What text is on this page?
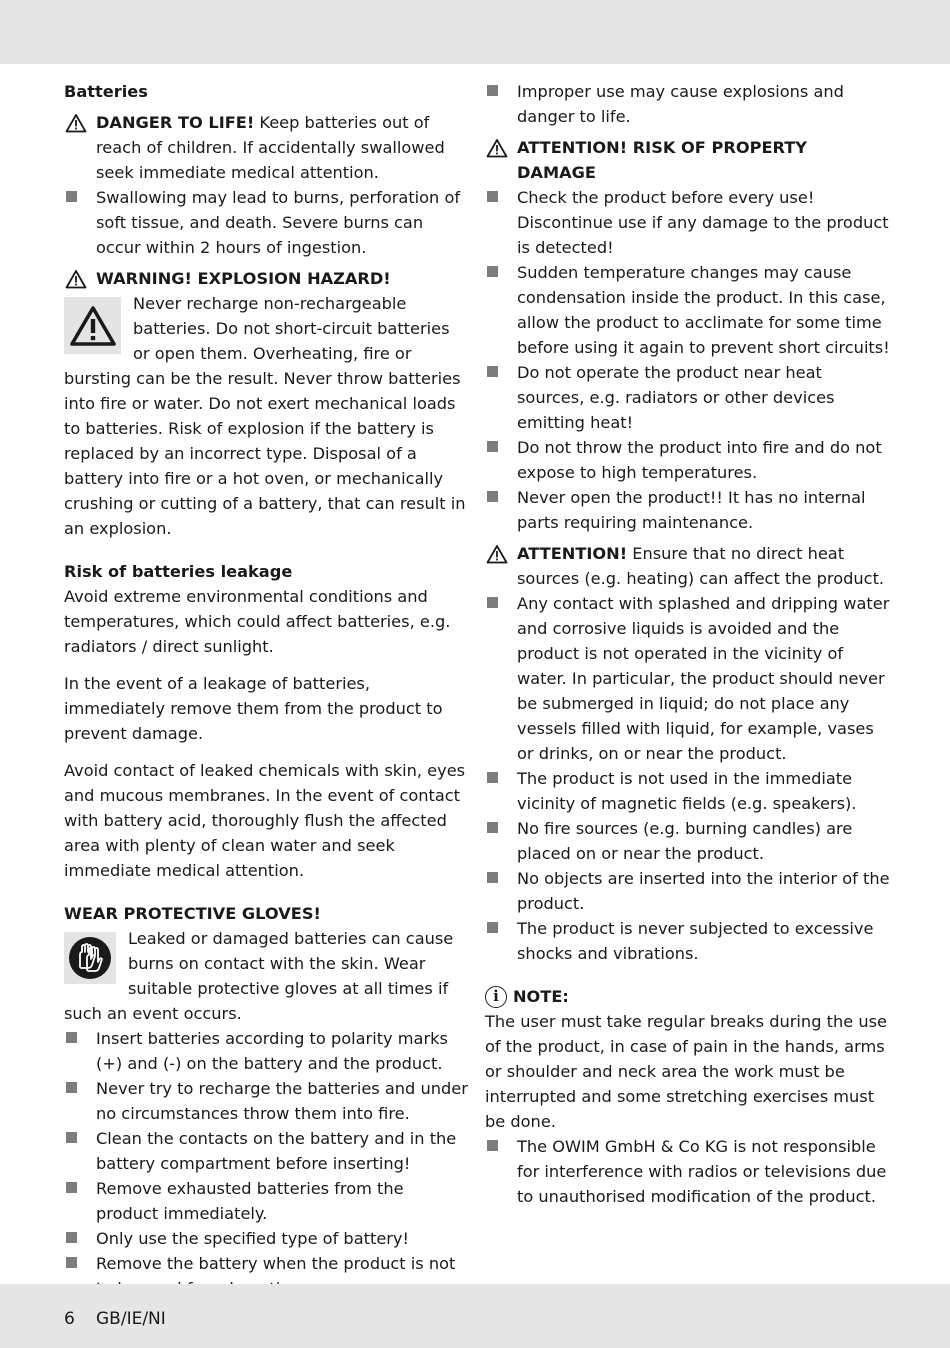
Batteries

DANGER TO LIFE! Keep batteries out of reach of children. If accidentally swallowed seek immediate medical attention.

Swallowing may lead to burns, perforation of soft tissue, and death. Severe burns can occur within 2 hours of ingestion.

WARNING! EXPLOSION HAZARD!

Never recharge non-rechargeable batteries. Do not short-circuit batteries or open them. Overheating, fire or bursting can be the result. Never throw batteries into fire or water. Do not exert mechanical loads to batteries. Risk of explosion if the battery is replaced by an incorrect type. Disposal of a battery into fire or a hot oven, or mechanically crushing or cutting of a battery, that can result in an explosion.

Risk of batteries leakage

Avoid extreme environmental conditions and temperatures, which could affect batteries, e.g. radiators / direct sunlight.

In the event of a leakage of batteries, immediately remove them from the product to prevent damage.

Avoid contact of leaked chemicals with skin, eyes and mucous membranes. In the event of contact with battery acid, thoroughly flush the affected area with plenty of clean water and seek immediate medical attention.

WEAR PROTECTIVE GLOVES!

Leaked or damaged batteries can cause burns on contact with the skin. Wear suitable protective gloves at all times if such an event occurs.

Insert batteries according to polarity marks (+) and (-) on the battery and the product.

Never try to recharge the batteries and under no circumstances throw them into fire.

Clean the contacts on the battery and in the battery compartment before inserting!

Remove exhausted batteries from the product immediately.

Only use the specified type of battery!

Remove the battery when the product is not

Improper use may cause explosions and danger to life.

ATTENTION! RISK OF PROPERTY DAMAGE

Check the product before every use! Discontinue use if any damage to the product is detected!

Sudden temperature changes may cause condensation inside the product. In this case, allow the product to acclimate for some time before using it again to prevent short circuits!

Do not operate the product near heat sources, e.g. radiators or other devices emitting heat!

Do not throw the product into fire and do not expose to high temperatures.

Never open the product!! It has no internal parts requiring maintenance.

ATTENTION! Ensure that no direct heat sources (e.g. heating) can affect the product.

Any contact with splashed and dripping water and corrosive liquids is avoided and the product is not operated in the vicinity of water. In particular, the product should never be submerged in liquid; do not place any vessels filled with liquid, for example, vases or drinks, on or near the product.

The product is not used in the immediate vicinity of magnetic fields (e.g. speakers).

No fire sources (e.g. burning candles) are placed on or near the product.

No objects are inserted into the interior of the product.

The product is never subjected to excessive shocks and vibrations.

i NOTE:

The user must take regular breaks during the use of the product, in case of pain in the hands, arms or shoulder and neck area the work must be interrupted and some stretching exercises must be done.

The OWIM GmbH & Co KG is not responsible for interference with radios or televisions due to unauthorised modification of the product.

6 GB/IE/NI
